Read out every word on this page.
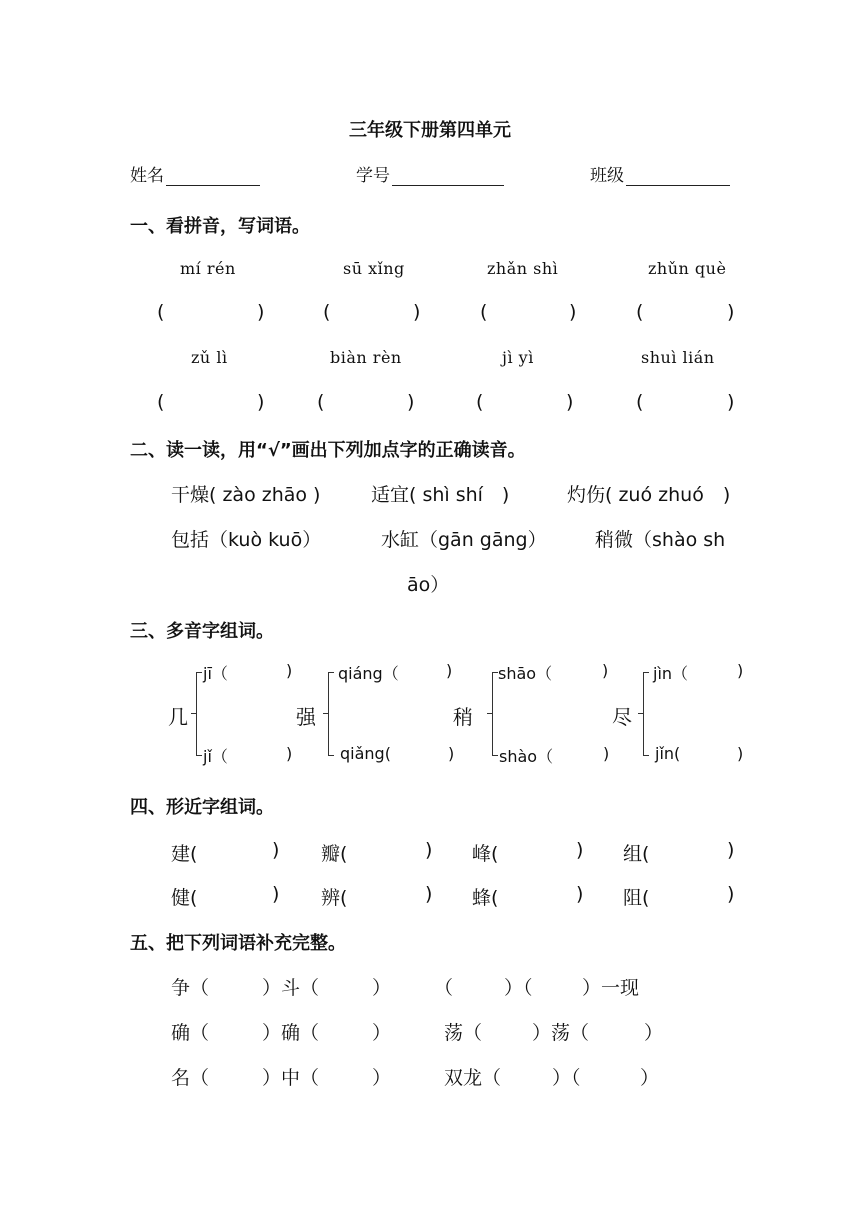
三年级下册第四单元
姓名	学号	班级
一、看拼音，写词语。
mí rén	sū xǐng	zhǎn shì	zhǔn què
(	)	(	)	(	)	(	)
zǔ lì	biàn rèn	jì yì	shuì lián
(	)	(	)	(	)	(	)
二、读一读，用“√”画出下列加点字的正确读音。
干燥( zào zhāo )	适宜( shì shí　)	灼伤( zuó zhuó　)
包括（kuò kuō）	水缸（gān gāng）	稍微（shào sh
āo）
三、多音字组词。
几
jī（	)
jǐ（	)
强
qiáng（	)
qiǎng(	)
稍
shāo（	)
shào（	)
尽
jìn（	)
jǐn(	)
四、形近字组词。
建(	) 瓣(	) 峰(	) 组(	)
健(	) 辨(	) 蜂(	) 阻(	)
五、把下列词语补充完整。
争（	）斗（	） （	）（	）一现
确（	）确（	）	荡（	）荡（	）
名（	）中（	）	双龙（	）（	）
